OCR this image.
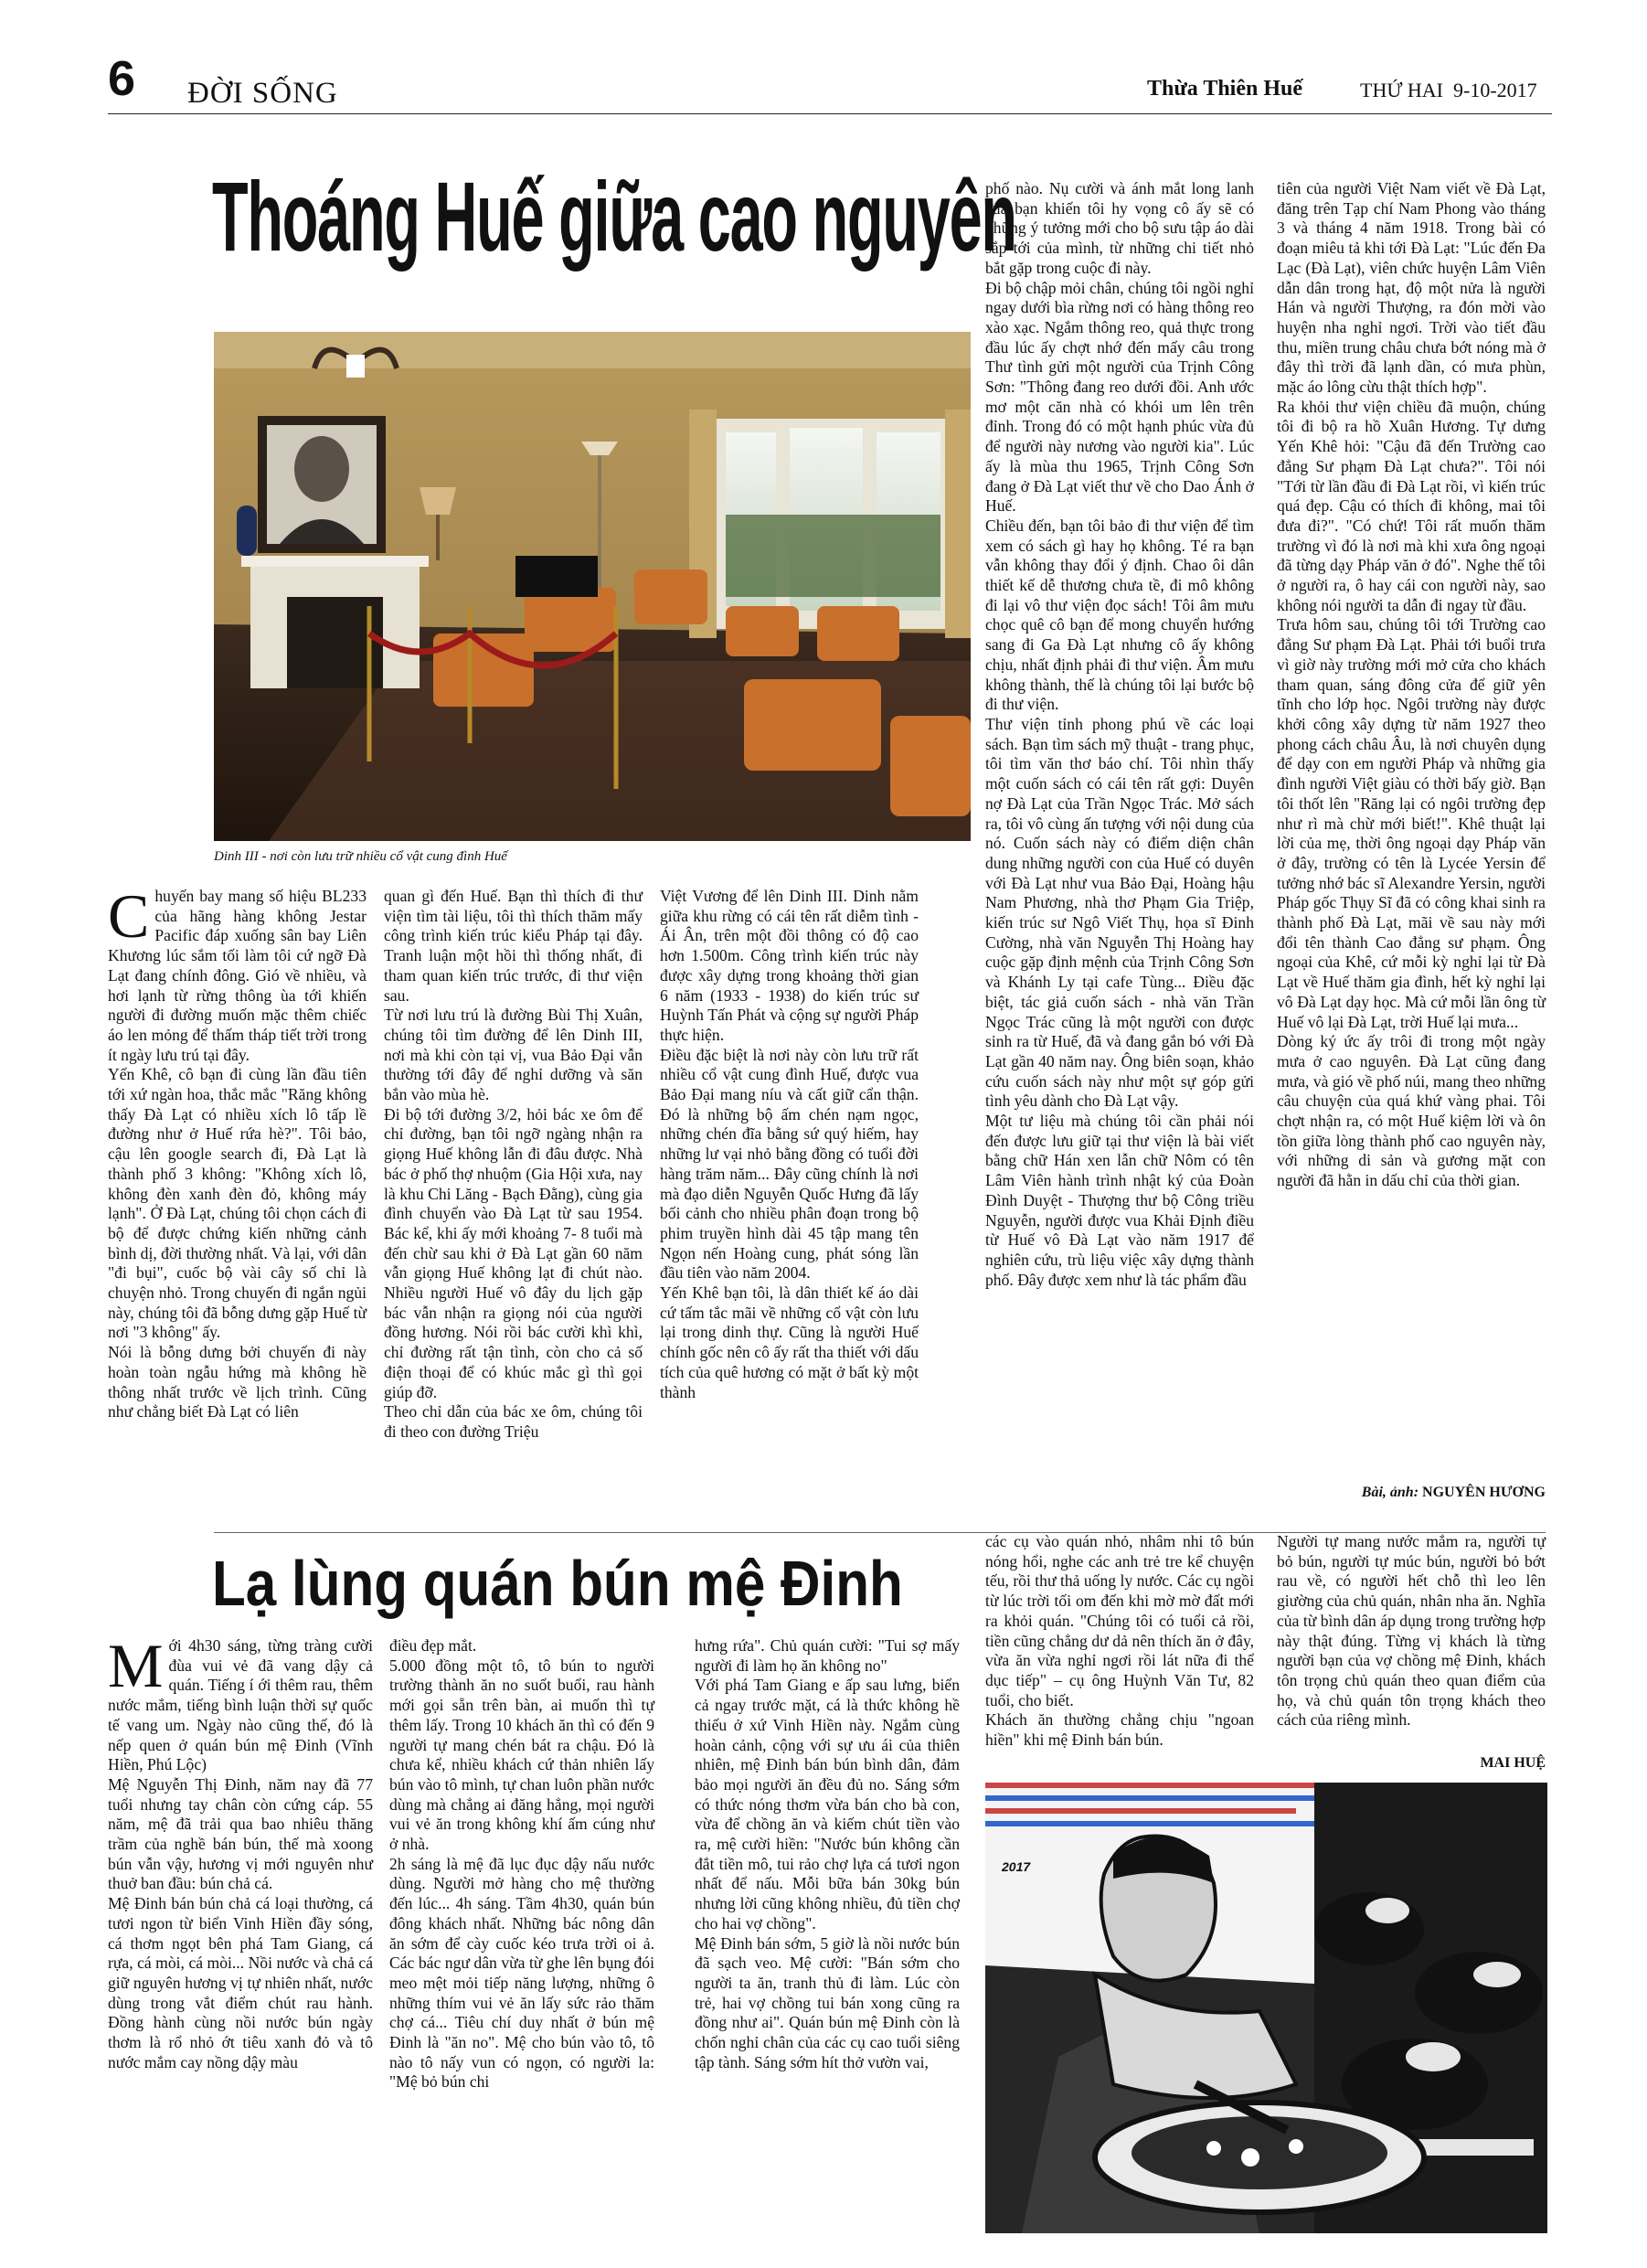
6 ĐỜI SỐNG	Thừa Thiên Huế	THỨ HAI  9-10-2017
Thoáng Huế giữa cao nguyên
Dinh III - nơi còn lưu trữ nhiều cổ vật cung đình Huế
C huyến bay mang số hiệu BL233 của hãng hàng không Jestar Pacific đáp xuống sân bay Liên Khương lúc sắm tối làm tôi cứ ngỡ Đà Lạt đang chính đông. Gió về nhiều, và hơi lạnh từ rừng thông ùa tới khiến người đi đường muốn mặc thêm chiếc áo len mỏng để thấm tháp tiết trời trong ít ngày lưu trú tại đây.
Yến Khê, cô bạn đi cùng lần đầu tiên tới xứ ngàn hoa, thắc mắc "Răng không thấy Đà Lạt có nhiều xích lô tấp lề đường như ở Huế rứa hè?". Tôi bảo, cậu lên google search đi, Đà Lạt là thành phố 3 không: "Không xích lô, không đèn xanh đèn đỏ, không máy lạnh". Ở Đà Lạt, chúng tôi chọn cách đi bộ để được chứng kiến những cảnh bình dị, đời thường nhất. Và lại, với dân "đi bụi", cuốc bộ vài cây số chỉ là chuyện nhỏ. Trong chuyến đi ngắn ngủi này, chúng tôi đã bỗng dưng gặp Huế từ nơi "3 không" ấy.
Nói là bỗng dưng bởi chuyến đi này hoàn toàn ngẫu hứng mà không hề thông nhất trước về lịch trình. Cũng như chẳng biết Đà Lạt có liên

quan gì đến Huế. Bạn thì thích đi thư viện tìm tài liệu, tôi thì thích thăm mấy công trình kiến trúc kiểu Pháp tại đây. Tranh luận một hồi thì thống nhất, đi tham quan kiến trúc trước, đi thư viện sau.
Từ nơi lưu trú là đường Bùi Thị Xuân, chúng tôi tìm đường để lên Dinh III, nơi mà khi còn tại vị, vua Bảo Đại vẫn thường tới đây để nghỉ dưỡng và săn bắn vào mùa hè.
Đi bộ tới đường 3/2, hỏi bác xe ôm để chỉ đường, bạn tôi ngỡ ngàng nhận ra giọng Huế không lẫn đi đâu được. Nhà bác ở phố thợ nhuộm (Gia Hội xưa, nay là khu Chi Lăng - Bạch Đằng), cùng gia đình chuyển vào Đà Lạt từ sau 1954. Bác kể, khi ấy mới khoảng 7- 8 tuổi mà đến chừ sau khi ở Đà Lạt gần 60 năm vẫn giọng Huế không lạt đi chút nào. Nhiều người Huế vô đây du lịch gặp bác vẫn nhận ra giọng nói của người đồng hương. Nói rồi bác cười khì khì, chỉ đường rất tận tình, còn cho cả số điện thoại để có khúc mắc gì thì gọi giúp đỡ.
Theo chỉ dẫn của bác xe ôm, chúng tôi đi theo con đường Triệu

Việt Vương để lên Dinh III. Dinh nằm giữa khu rừng có cái tên rất diễm tình - Ái Ân, trên một đồi thông có độ cao hơn 1.500m. Công trình kiến trúc này được xây dựng trong khoảng thời gian 6 năm (1933 - 1938) do kiến trúc sư Huỳnh Tấn Phát và cộng sự người Pháp thực hiện.
Điều đặc biệt là nơi này còn lưu trữ rất nhiều cổ vật cung đình Huế, được vua Bảo Đại mang níu và cất giữ cẩn thận. Đó là những bộ ấm chén nạm ngọc, những chén đĩa bằng sứ quý hiếm, hay những lư vại nhỏ bằng đồng có tuổi đời hàng trăm năm... Đây cũng chính là nơi mà đạo diễn Nguyễn Quốc Hưng đã lấy bối cảnh cho nhiều phân đoạn trong bộ phim truyền hình dài 45 tập mang tên Ngọn nến Hoàng cung, phát sóng lần đầu tiên vào năm 2004.
Yến Khê bạn tôi, là dân thiết kế áo dài cứ tấm tắc mãi về những cổ vật còn lưu lại trong dinh thự. Cũng là người Huế chính gốc nên cô ấy rất tha thiết với dấu tích của quê hương có mặt ở bất kỳ một thành

phố nào. Nụ cười và ánh mắt long lanh của bạn khiến tôi hy vọng cô ấy sẽ có những ý tưởng mới cho bộ sưu tập áo dài sắp tới của mình, từ những chi tiết nhỏ bắt gặp trong cuộc đi này.
Đi bộ chập mỏi chân, chúng tôi ngồi nghỉ ngay dưới bìa rừng nơi có hàng thông reo xào xạc. Ngắm thông reo, quả thực trong đầu lúc ấy chợt nhớ đến mấy câu trong Thư tình gửi một người của Trịnh Công Sơn: "Thông đang reo dưới đồi. Anh ước mơ một căn nhà có khói um lên trên đỉnh. Trong đó có một hạnh phúc vừa đủ để người này nương vào người kia". Lúc ấy là mùa thu 1965, Trịnh Công Sơn đang ở Đà Lạt viết thư về cho Dao Ánh ở Huế.
Chiều đến, bạn tôi bảo đi thư viện để tìm xem có sách gì hay họ không. Té ra bạn vẫn không thay đổi ý định. Chao ôi dân thiết kế dễ thương chưa tề, đi mô không đi lại vô thư viện đọc sách! Tôi âm mưu chọc quê cô bạn để mong chuyển hướng sang đi Ga Đà Lạt nhưng cô ấy không chịu, nhất định phải đi thư viện. Âm mưu không thành, thế là chúng tôi lại bước bộ đi thư viện.
Thư viện tỉnh phong phú về các loại sách. Bạn tìm sách mỹ thuật - trang phục, tôi tìm văn thơ báo chí. Tôi nhìn thấy một cuốn sách có cái tên rất gợi: Duyên nợ Đà Lạt của Trần Ngọc Trác. Mở sách ra, tôi vô cùng ấn tượng với nội dung của nó. Cuốn sách này có điểm diện chân dung những người con của Huế có duyên với Đà Lạt như vua Bảo Đại, Hoàng hậu Nam Phương, nhà thơ Phạm Gia Triệp, kiến trúc sư Ngô Viết Thụ, họa sĩ Đinh Cường, nhà văn Nguyễn Thị Hoàng hay cuộc gặp định mệnh của Trịnh Công Sơn và Khánh Ly tại cafe Tùng... Điều đặc biệt, tác giả cuốn sách - nhà văn Trần Ngọc Trác cũng là một người con được sinh ra từ Huế, đã và đang gắn bó với Đà Lạt gần 40 năm nay. Ông biên soạn, khảo cứu cuốn sách này như một sự góp gửi tình yêu dành cho Đà Lạt vậy.
Một tư liệu mà chúng tôi cần phải nói đến được lưu giữ tại thư viện là bài viết bằng chữ Hán xen lẫn chữ Nôm có tên Lâm Viên hành trình nhật ký của Đoàn Đình Duyệt - Thượng thư bộ Công triều Nguyễn, người được vua Khải Định điều từ Huế vô Đà Lạt vào năm 1917 để nghiên cứu, trù liệu việc xây dựng thành phố. Đây được xem như là tác phẩm đầu

tiên của người Việt Nam viết về Đà Lạt, đăng trên Tạp chí Nam Phong vào tháng 3 và tháng 4 năm 1918. Trong bài có đoạn miêu tả khi tới Đà Lạt: "Lúc đến Đa Lạc (Đà Lạt), viên chức huyện Lâm Viên dẫn dân trong hạt, độ một nửa là người Hán và người Thượng, ra đón mời vào huyện nha nghỉ ngơi. Trời vào tiết đầu thu, miền trung châu chưa bớt nóng mà ở đây thì trời đã lạnh dần, có mưa phùn, mặc áo lông cừu thật thích hợp".
Ra khỏi thư viện chiều đã muộn, chúng tôi đi bộ ra hồ Xuân Hương. Tự dưng Yến Khê hỏi: "Cậu đã đến Trường cao đẳng Sư phạm Đà Lạt chưa?". Tôi nói "Tới từ lần đầu đi Đà Lạt rồi, vì kiến trúc quá đẹp. Cậu có thích đi không, mai tôi đưa đi?". "Có chứ! Tôi rất muốn thăm trường vì đó là nơi mà khi xưa ông ngoại đã từng dạy Pháp văn ở đó". Nghe thế tôi ở người ra, ô hay cái con người này, sao không nói người ta dẫn đi ngay từ đầu.
Trưa hôm sau, chúng tôi tới Trường cao đẳng Sư phạm Đà Lạt. Phải tới buổi trưa vì giờ này trường mới mở cửa cho khách tham quan, sáng đông cửa để giữ yên tĩnh cho lớp học. Ngôi trường này được khởi công xây dựng từ năm 1927 theo phong cách châu Âu, là nơi chuyên dụng để dạy con em người Pháp và những gia đình người Việt giàu có thời bấy giờ. Bạn tôi thốt lên "Răng lại có ngôi trường đẹp như rì mà chừ mới biết!". Khê thuật lại lời của mẹ, thời ông ngoại dạy Pháp văn ở đây, trường có tên là Lycée Yersin để tưởng nhớ bác sĩ Alexandre Yersin, người Pháp gốc Thụy Sĩ đã có công khai sinh ra thành phố Đà Lạt, mãi về sau này mới đổi tên thành Cao đẳng sư phạm. Ông ngoại của Khê, cứ mỗi kỳ nghỉ lại từ Đà Lạt về Huế thăm gia đình, hết kỳ nghỉ lại vô Đà Lạt dạy học. Mà cứ mỗi lần ông từ Huế vô lại Đà Lạt, trời Huế lại mưa...
Dòng ký ức ấy trôi đi trong một ngày mưa ở cao nguyên. Đà Lạt cũng đang mưa, và gió về phố núi, mang theo những câu chuyện của quá khứ vàng phai. Tôi chợt nhận ra, có một Huế kiệm lời và ôn tồn giữa lòng thành phố cao nguyên này, với những di sản và gương mặt con người đã hằn in dấu chỉ của thời gian.

Bài, ảnh: NGUYÊN HƯƠNG
Lạ lùng quán bún mệ Đinh
M ới 4h30 sáng, từng tràng cười đùa vui vẻ đã vang dậy cả quán. Tiếng í ới thêm rau, thêm nước mắm, tiếng bình luận thời sự quốc tế vang um. Ngày nào cũng thế, đó là nếp quen ở quán bún mệ Đinh (Vĩnh Hiền, Phú Lộc)
Mệ Nguyễn Thị Đinh, năm nay đã 77 tuổi nhưng tay chân còn cứng cáp. 55 năm, mệ đã trải qua bao nhiêu thăng trầm của nghề bán bún, thế mà xoong bún vẫn vậy, hương vị mới nguyên như thuở ban đầu: bún chả cá.
Mệ Đinh bán bún chả cá loại thường, cá tươi ngon từ biển Vinh Hiền đầy sóng, cá thơm ngọt bên phá Tam Giang, cá rựa, cá mòi, cá mòi... Nồi nước và chả cá giữ nguyên hương vị tự nhiên nhất, nước dùng trong vắt điểm chút rau hành. Đồng hành cùng nồi nước bún ngày thơm là rổ nhỏ ớt tiêu xanh đỏ và tô nước mắm cay nồng dậy màu

điều đẹp mắt.
5.000 đồng một tô, tô bún to người trường thành ăn no suốt buổi, rau hành mới gọi sẵn trên bàn, ai muốn thì tự thêm lấy. Trong 10 khách ăn thì có đến 9 người tự mang chén bát ra chậu. Đó là chưa kể, nhiều khách cứ thản nhiên lấy bún vào tô mình, tự chan luôn phần nước dùng mà chẳng ai đăng hẳng, mọi người vui vẻ ăn trong không khí ấm cúng như ở nhà.
2h sáng là mệ đã lục đục dậy nấu nước dùng. Người mở hàng cho mệ thường đến lúc... 4h sáng. Tầm 4h30, quán bún đông khách nhất. Những bác nông dân ăn sớm để cày cuốc kéo trưa trời oi ả. Các bác ngư dân vừa từ ghe lên bụng đói meo mệt mỏi tiếp năng lượng, những ô những thím vui vẻ ăn lấy sức rảo thăm chợ cá... Tiêu chí duy nhất ở bún mệ Đinh là "ăn no". Mệ cho bún vào tô, tô nào tô nấy vun có ngọn, có người la: "Mệ bỏ bún chi

hưng rứa". Chủ quán cười: "Tui sợ mấy người đi làm họ ăn không no"
Với phá Tam Giang e ấp sau lưng, biển cả ngay trước mặt, cá là thức không hề thiếu ở xứ Vinh Hiền này. Ngắm cùng hoàn cảnh, cộng với sự ưu ái của thiên nhiên, mệ Đinh bán bún bình dân, đảm bảo mọi người ăn đều đủ no. Sáng sớm có thức nóng thơm vừa bán cho bà con, vừa để chồng ăn và kiếm chút tiền vào ra, mệ cười hiền: "Nước bún không cần đắt tiền mô, tui rảo chợ lựa cá tươi ngon nhất để nấu. Mỗi bữa bán 30kg bún nhưng lời cũng không nhiều, đủ tiền chợ cho hai vợ chồng".
Mệ Đinh bán sớm, 5 giờ là nồi nước bún đã sạch veo. Mệ cười: "Bán sớm cho người ta ăn, tranh thủ đi làm. Lúc còn trẻ, hai vợ chồng tui bán xong cũng ra đồng như ai". Quán bún mệ Đinh còn là chốn nghỉ chân của các cụ cao tuổi siêng tập tành. Sáng sớm hít thở vườn vai,

các cụ vào quán nhỏ, nhâm nhi tô bún nóng hổi, nghe các anh trẻ tre kể chuyện tếu, rồi thư thả uống ly nước. Các cụ ngồi từ lúc trời tối om đến khi mờ mờ đất mới ra khỏi quán. "Chúng tôi có tuổi cả rồi, tiền cũng chẳng dư dả nên thích ăn ở đây, vừa ăn vừa nghỉ ngơi rồi lát nữa đi thể dục tiếp" – cụ ông Huỳnh Văn Tư, 82 tuổi, cho biết.
Khách ăn thường chẳng chịu "ngoan hiền" khi mệ Đinh bán bún.

Người tự mang nước mắm ra, người tự bỏ bún, người tự múc bún, người bỏ bớt rau về, có người hết chỗ thì leo lên giường của chủ quán, nhân nha ăn. Nghĩa của từ bình dân áp dụng trong trường hợp này thật đúng. Từng vị khách là từng người bạn của vợ chồng mệ Đinh, khách tôn trọng chủ quán theo quan điểm của họ, và chủ quán tôn trọng khách theo cách của riêng mình.

MAI HUỆ
2017
